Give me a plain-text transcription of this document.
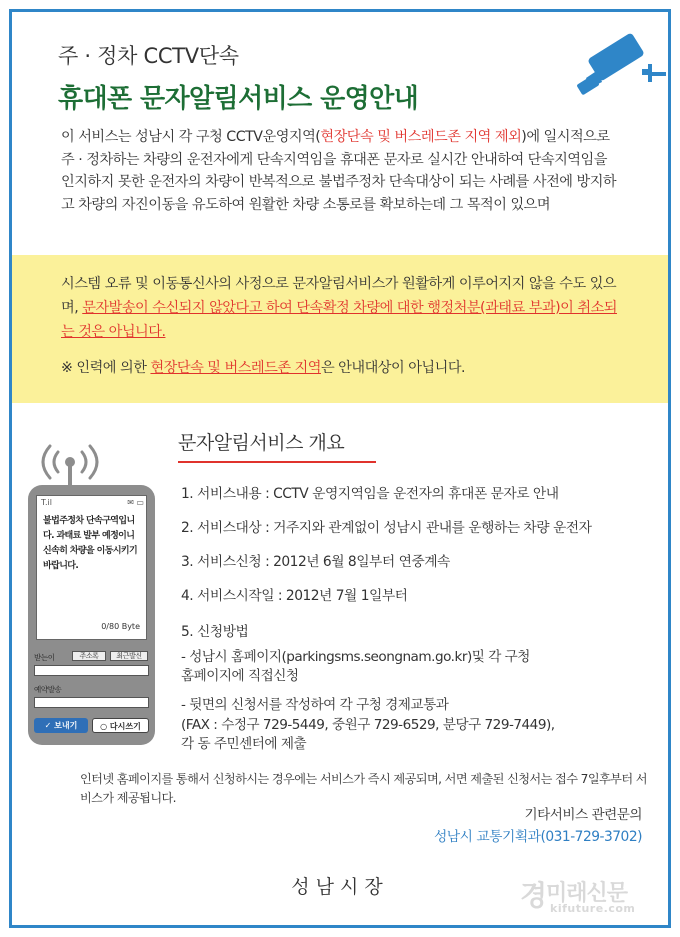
주 · 정차 CCTV단속
휴대폰 문자알림서비스 운영안내
이 서비스는 성남시 각 구청 CCTV운영지역(현장단속 및 버스레드존 지역 제외)에 일시적으로 주 · 정차하는 차량의 운전자에게 단속지역임을 휴대폰 문자로 실시간 안내하여 단속지역임을 인지하지 못한 운전자의 차량이 반복적으로 불법주정차 단속대상이 되는 사례를 사전에 방지하고 차량의 자진이동을 유도하여 원활한 차량 소통로를 확보하는데 그 목적이 있으며
시스템 오류 및 이동통신사의 사정으로 문자알림서비스가 원활하게 이루어지지 않을 수도 있으며, 문자발송이 수신되지 않았다고 하여 단속확정 차량에 대한 행정처분(과태료 부과)이 취소되는 것은 아닙니다.
※ 인력에 의한 현장단속 및 버스레드존 지역은 안내대상이 아닙니다.
문자알림서비스 개요
1. 서비스내용 : CCTV 운영지역임을 운전자의 휴대폰 문자로 안내
2. 서비스대상 : 거주지와 관계없이 성남시 관내를 운행하는 차량 운전자
3. 서비스신청 : 2012년 6월 8일부터 연중계속
4. 서비스시작일 : 2012년 7월 1일부터
5. 신청방법
- 성남시 홈페이지(parkingsms.seongnam.go.kr)및 각 구청
홈페이지에 직접신청
- 뒷면의 신청서를 작성하여 각 구청 경제교통과
(FAX : 수정구 729-5449, 중원구 729-6529, 분당구 729-7449),
각 동 주민센터에 제출
T.il	✉ ▭
불법주정차 단속구역입니다. 과태료 발부 예정이니 신속히 차량을 이동시키기 바랍니다.
0/80 Byte
받는이	주소록	최근발신
예약발송
✓ 보내기	○ 다시쓰기
인터넷 홈페이지를 통해서 신청하시는 경우에는 서비스가 즉시 제공되며, 서면 제출된 신청서는 접수 7일후부터 서비스가 제공됩니다.
기타서비스 관련문의
성남시 교통기획과(031-729-3702)
성남시장	경
미래신문
kifuture.com
